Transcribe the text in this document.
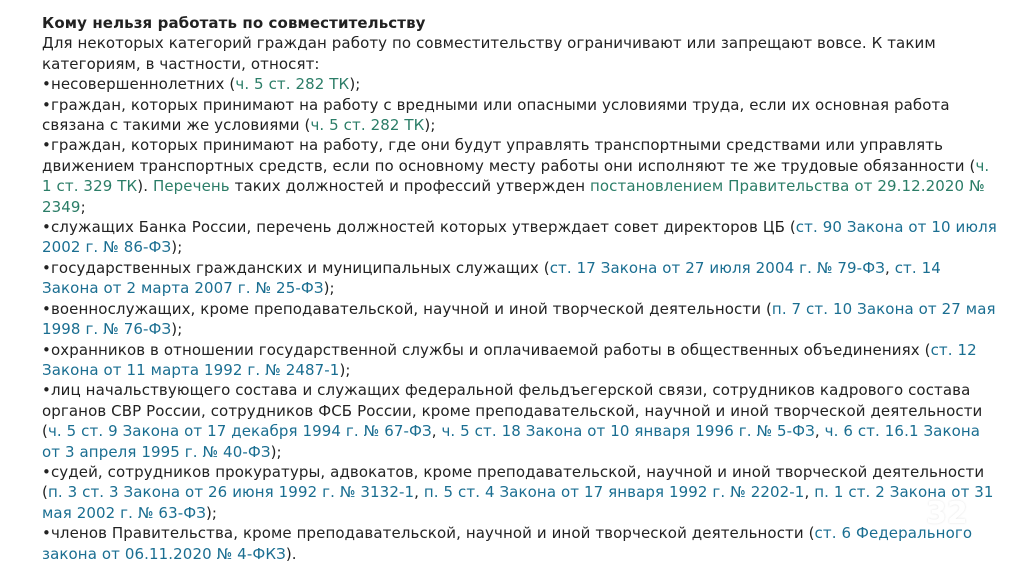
Кому нельзя работать по совместительству
Для некоторых категорий граждан работу по совместительству ограничивают или запрещают вовсе. К таким категориям, в частности, относят:
•несовершеннолетних (ч. 5 ст. 282 ТК);
•граждан, которых принимают на работу с вредными или опасными условиями труда, если их основная работа связана с такими же условиями (ч. 5 ст. 282 ТК);
•граждан, которых принимают на работу, где они будут управлять транспортными средствами или управлять движением транспортных средств, если по основному месту работы они исполняют те же трудовые обязанности (ч. 1 ст. 329 ТК). Перечень таких должностей и профессий утвержден постановлением Правительства от 29.12.2020 № 2349;
•служащих Банка России, перечень должностей которых утверждает совет директоров ЦБ (ст. 90 Закона от 10 июля 2002 г. № 86-ФЗ);
•государственных гражданских и муниципальных служащих (ст. 17 Закона от 27 июля 2004 г. № 79-ФЗ, ст. 14 Закона от 2 марта 2007 г. № 25-ФЗ);
•военнослужащих, кроме преподавательской, научной и иной творческой деятельности (п. 7 ст. 10 Закона от 27 мая 1998 г. № 76-ФЗ);
•охранников в отношении государственной службы и оплачиваемой работы в общественных объединениях (ст. 12 Закона от 11 марта 1992 г. № 2487-1);
•лиц начальствующего состава и служащих федеральной фельдъегерской связи, сотрудников кадрового состава органов СВР России, сотрудников ФСБ России, кроме преподавательской, научной и иной творческой деятельности (ч. 5 ст. 9 Закона от 17 декабря 1994 г. № 67-ФЗ, ч. 5 ст. 18 Закона от 10 января 1996 г. № 5-ФЗ, ч. 6 ст. 16.1 Закона от 3 апреля 1995 г. № 40-ФЗ);
•судей, сотрудников прокуратуры, адвокатов, кроме преподавательской, научной и иной творческой деятельности (п. 3 ст. 3 Закона от 26 июня 1992 г. № 3132-1, п. 5 ст. 4 Закона от 17 января 1992 г. № 2202-1, п. 1 ст. 2 Закона от 31 мая 2002 г. № 63-ФЗ);
•членов Правительства, кроме преподавательской, научной и иной творческой деятельности (ст. 6 Федерального закона от 06.11.2020 № 4-ФКЗ).
32
